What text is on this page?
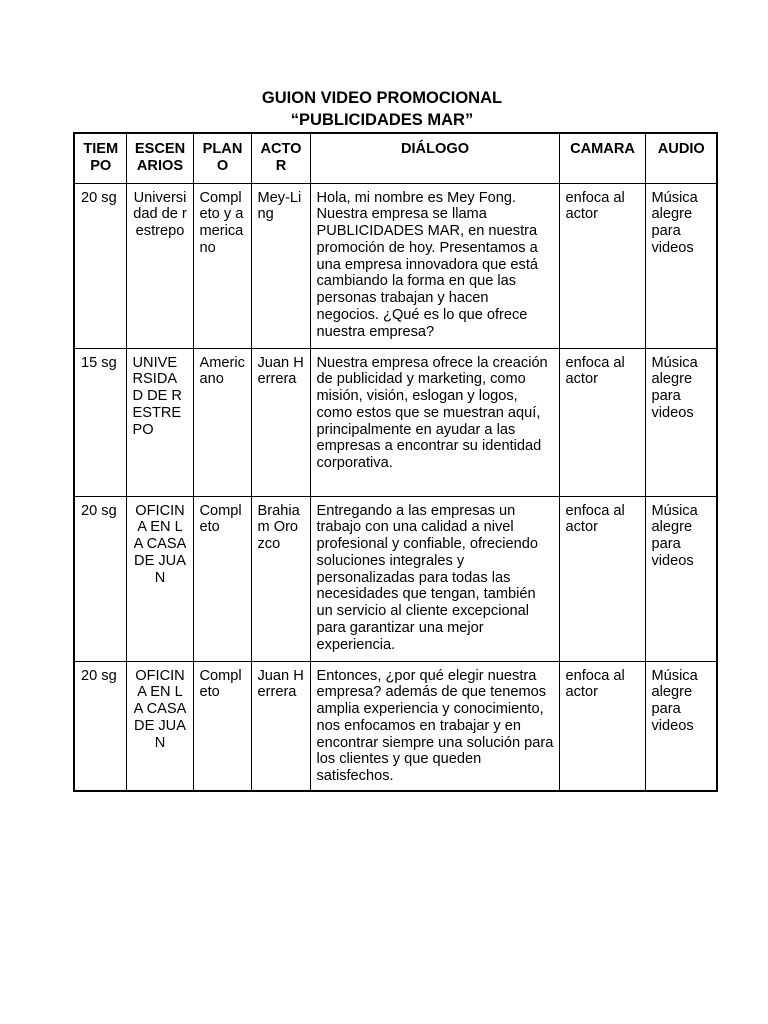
GUION VIDEO PROMOCIONAL
“PUBLICIDADES MAR”
TIEMPO	ESCENARIOS	PLANO	ACTOR	DIÁLOGO	CAMARA	AUDIO
20 sg	Universidad de restrepo	Completo y americano	Mey-Ling	Hola, mi nombre es Mey Fong. Nuestra empresa se llama PUBLICIDADES MAR, en nuestra promoción de hoy. Presentamos a una empresa innovadora que está cambiando la forma en que las personas trabajan y hacen negocios. ¿Qué es lo que ofrece nuestra empresa?	enfoca al actor	Música alegre para videos
15 sg	UNIVERSIDAD DE RESTREPO	Americano	Juan Herrera	Nuestra empresa ofrece la creación de publicidad y marketing, como misión, visión, eslogan y logos, como estos que se muestran aquí, principalmente en ayudar a las empresas a encontrar su identidad corporativa.	enfoca al actor	Música alegre para videos
20 sg	OFICINA EN LA CASA DE JUAN	Completo	Brahiam Orozco	Entregando a las empresas un trabajo con una calidad a nivel profesional y confiable, ofreciendo soluciones integrales y personalizadas para todas las necesidades que tengan, también un servicio al cliente excepcional para garantizar una mejor experiencia.	enfoca al actor	Música alegre para videos
20 sg	OFICINA EN LA CASA DE JUAN	Completo	Juan Herrera	Entonces, ¿por qué elegir nuestra empresa? además de que tenemos amplia experiencia y conocimiento, nos enfocamos en trabajar y en encontrar siempre una solución para los clientes y que queden satisfechos.	enfoca al actor	Música alegre para videos
